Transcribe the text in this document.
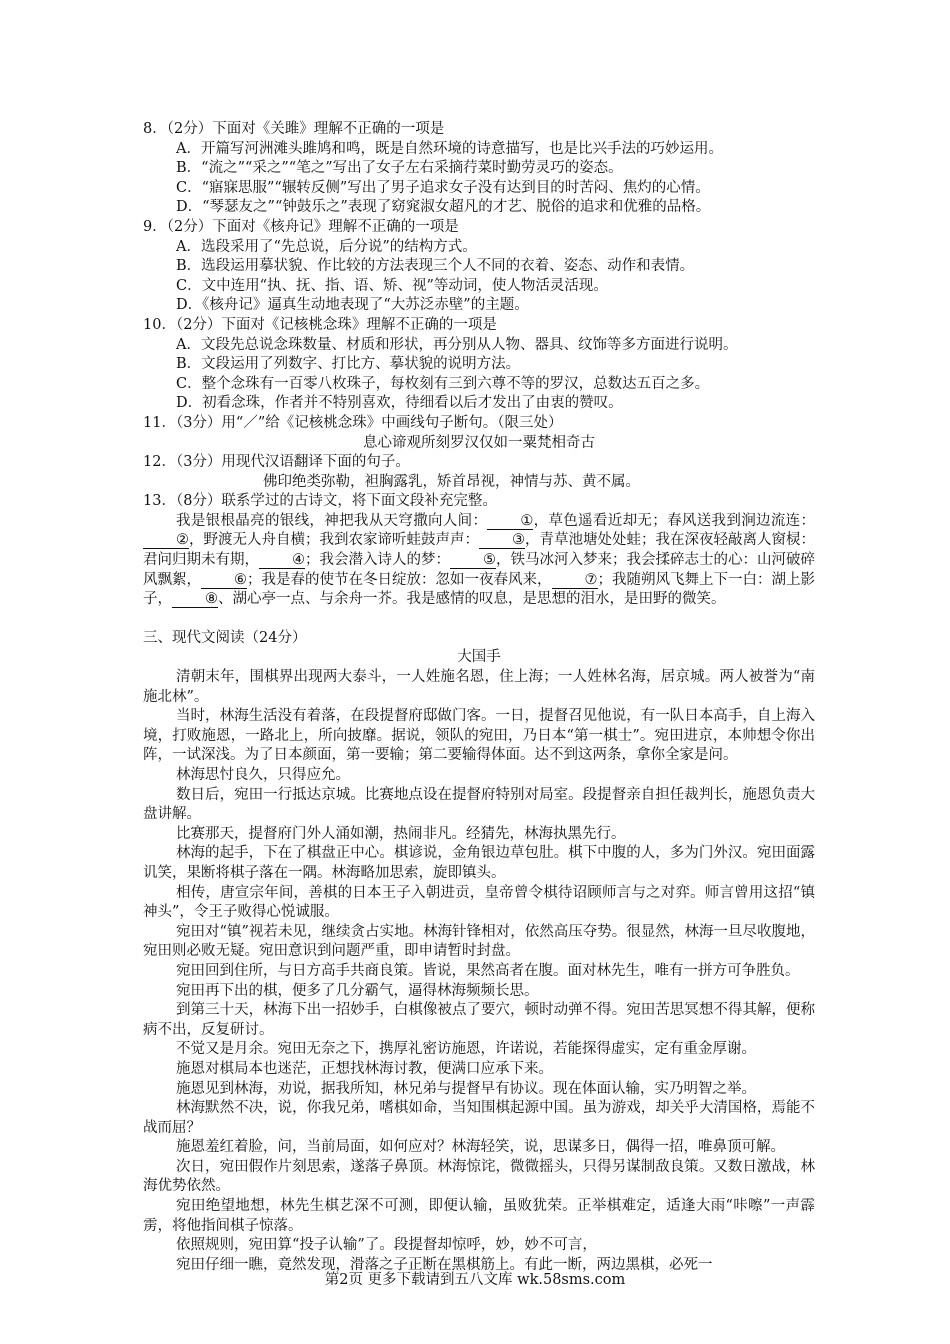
8．（2分）下面对《关雎》理解不正确的一项是
A．开篇写河洲滩头雎鸠和鸣，既是自然环境的诗意描写，也是比兴手法的巧妙运用。
B．“流之”“采之”“笔之”写出了女子左右采摘荇菜时勤劳灵巧的姿态。
C．“寤寐思服”“辗转反侧”写出了男子追求女子没有达到目的时苦闷、焦灼的心情。
D．“琴瑟友之”“钟鼓乐之”表现了窈窕淑女超凡的才艺、脱俗的追求和优雅的品格。
9．（2分）下面对《核舟记》理解不正确的一项是
A．选段采用了“先总说，后分说”的结构方式。
B．选段运用摹状貌、作比较的方法表现三个人不同的衣着、姿态、动作和表情。
C．文中连用“执、抚、指、语、矫、视”等动词，使人物活灵活现。
D．《核舟记》逼真生动地表现了“大苏泛赤壁”的主题。
10．（2分）下面对《记核桃念珠》理解不正确的一项是
A．文段先总说念珠数量、材质和形状，再分别从人物、器具、纹饰等多方面进行说明。
B．文段运用了列数字、打比方、摹状貌的说明方法。
C．整个念珠有一百零八枚珠子，每枚刻有三到六尊不等的罗汉，总数达五百之多。
D．初看念珠，作者并不特别喜欢，待细看以后才发出了由衷的赞叹。
11．（3分）用“／”给《记核桃念珠》中画线句子断句。（限三处）
息心谛观所刻罗汉仅如一粟梵相奇古
12．（3分）用现代汉语翻译下面的句子。
佛印绝类弥勒，袒胸露乳，矫首昂视，神情与苏、黄不属。
13．（8分）联系学过的古诗文，将下面文段补充完整。
我是银根晶亮的银线，神把我从天穹撒向人间： ①，草色遥看近却无；春风送我到涧边流连：②，野渡无人舟自横；我到农家谛听蛙鼓声声： ③，青草池塘处处蛙；我在深夜轻敲离人窗棂：君问归期未有期， ④；我会潜入诗人的梦： ⑤，铁马冰河入梦来；我会揉碎志士的心：山河破碎风飘絮， ⑥；我是春的使节在冬日绽放：忽如一夜春风来， ⑦；我随朔风飞舞上下一白：湖上影子， ⑧、湖心亭一点、与余舟一芥。我是感情的叹息，是思想的泪水，是田野的微笑。
三、现代文阅读（24分）
大国手
清朝末年，围棋界出现两大泰斗，一人姓施名恩，住上海；一人姓林名海，居京城。两人被誉为“南施北林”。
当时，林海生活没有着落，在段提督府邸做门客。一日，提督召见他说，有一队日本高手，自上海入境，打败施恩，一路北上，所向披靡。据说，领队的宛田，乃日本“第一棋士”。宛田进京，本帅想令你出阵，一试深浅。为了日本颜面，第一要输；第二要输得体面。达不到这两条，拿你全家是问。
林海思忖良久，只得应允。
数日后，宛田一行抵达京城。比赛地点设在提督府特别对局室。段提督亲自担任裁判长，施恩负责大盘讲解。
比赛那天，提督府门外人涌如潮，热闹非凡。经猜先，林海执黑先行。
林海的起手，下在了棋盘正中心。棋谚说，金角银边草包肚。棋下中腹的人，多为门外汉。宛田面露讥笑，果断将棋子落在一隅。林海略加思索，旋即镇头。
相传，唐宣宗年间，善棋的日本王子入朝进贡，皇帝曾令棋待诏顾师言与之对弈。师言曾用这招“镇神头”，令王子败得心悦诚服。
宛田对“镇”视若未见，继续贪占实地。林海针锋相对，依然高压夺势。很显然，林海一旦尽收腹地，宛田则必败无疑。宛田意识到问题严重，即申请暂时封盘。
宛田回到住所，与日方高手共商良策。皆说，果然高者在腹。面对林先生，唯有一拼方可争胜负。
宛田再下出的棋，便多了几分霸气，逼得林海频频长思。
到第三十天，林海下出一招妙手，白棋像被点了要穴，顿时动弹不得。宛田苦思冥想不得其解，便称病不出，反复研讨。
不觉又是月余。宛田无奈之下，携厚礼密访施恩，许诺说，若能探得虚实，定有重金厚谢。
施恩对棋局本也迷茫，正想找林海讨教，便满口应承下来。
施恩见到林海，劝说，据我所知，林兄弟与提督早有协议。现在体面认输，实乃明智之举。
林海默然不决，说，你我兄弟，嗜棋如命，当知围棋起源中国。虽为游戏，却关乎大清国格，焉能不战而屈？
施恩羞红着脸，问，当前局面，如何应对？林海轻笑，说，思谋多日，偶得一招，唯鼻顶可解。
次日，宛田假作片刻思索，遂落子鼻顶。林海惊诧，微微摇头，只得另谋制敌良策。又数日激战，林海优势依然。
宛田绝望地想，林先生棋艺深不可测，即便认输，虽败犹荣。正举棋难定，适逢大雨“咔嚓”一声霹雳，将他指间棋子惊落。
依照规则，宛田算“投子认输”了。段提督却惊呼，妙，妙不可言，
宛田仔细一瞧，竟然发现，滑落之子正断在黑棋筋上。有此一断，两边黑棋，必死一
第2页 更多下载请到五八文库 wk.58sms.com
